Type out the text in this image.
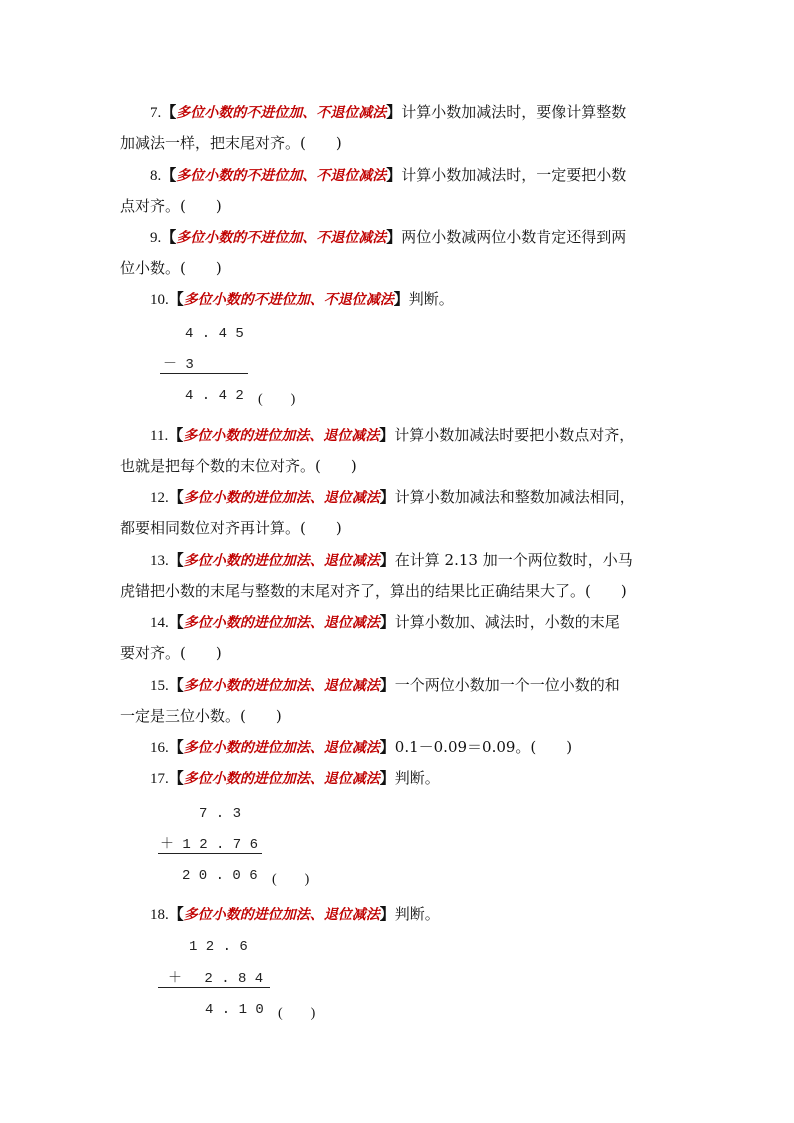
7.【多位小数的不进位加、不退位减法】计算小数加减法时，要像计算整数
加减法一样，把末尾对齐。(　　)
8.【多位小数的不进位加、不退位减法】计算小数加减法时，一定要把小数
点对齐。(　　)
9.【多位小数的不进位加、不退位减法】两位小数减两位小数肯定还得到两
位小数。(　　)
10.【多位小数的不进位加、不退位减法】判断。
4 . 4 5
－ 3
4 . 4 2 (　　)
11.【多位小数的进位加法、退位减法】计算小数加减法时要把小数点对齐，
也就是把每个数的末位对齐。(　　)
12.【多位小数的进位加法、退位减法】计算小数加减法和整数加减法相同，
都要相同数位对齐再计算。(　　)
13.【多位小数的进位加法、退位减法】在计算 2.13 加一个两位数时，小马
虎错把小数的末尾与整数的末尾对齐了，算出的结果比正确结果大了。(　　)
14.【多位小数的进位加法、退位减法】计算小数加、减法时，小数的末尾
要对齐。(　　)
15.【多位小数的进位加法、退位减法】一个两位小数加一个一位小数的和
一定是三位小数。(　　)
16.【多位小数的进位加法、退位减法】0.1－0.09＝0.09。(　　)
17.【多位小数的进位加法、退位减法】判断。
7 . 3
＋ 1 2 . 7 6
2 0 . 0 6 (　　)
18.【多位小数的进位加法、退位减法】判断。
1 2 . 6
＋　 2 . 8 4
4 . 1 0 (　　)
